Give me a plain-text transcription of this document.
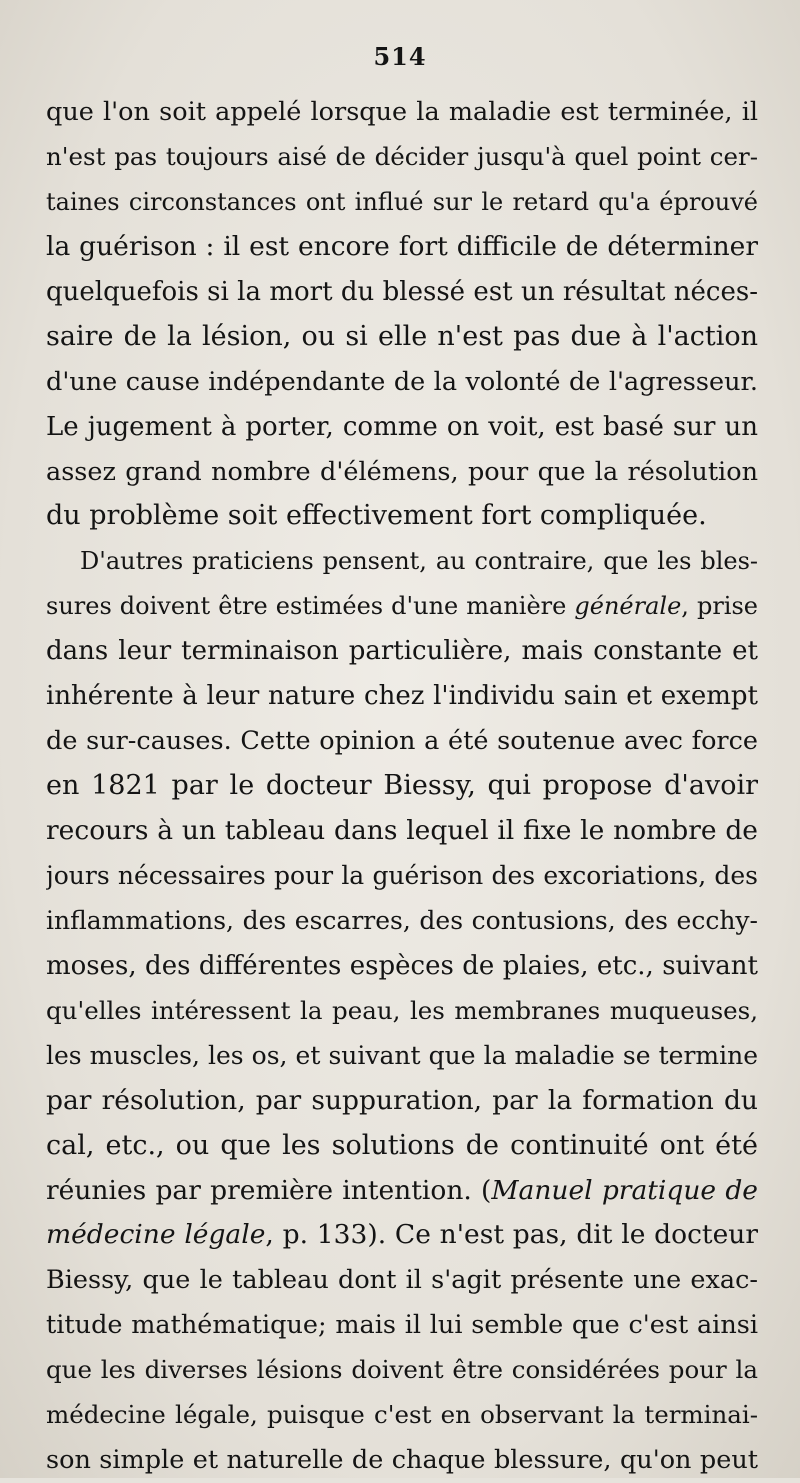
514
que l'on soit appelé lorsque la maladie est terminée, il
n'est pas toujours aisé de décider jusqu'à quel point cer-
taines circonstances ont influé sur le retard qu'a éprouvé
la guérison : il est encore fort difficile de déterminer
quelquefois si la mort du blessé est un résultat néces-
saire de la lésion, ou si elle n'est pas due à l'action
d'une cause indépendante de la volonté de l'agresseur.
Le jugement à porter, comme on voit, est basé sur un
assez grand nombre d'élémens, pour que la résolution
du problème soit effectivement fort compliquée.
D'autres praticiens pensent, au contraire, que les bles-
sures doivent être estimées d'une manière générale, prise
dans leur terminaison particulière, mais constante et
inhérente à leur nature chez l'individu sain et exempt
de sur-causes. Cette opinion a été soutenue avec force
en 1821 par le docteur Biessy, qui propose d'avoir
recours à un tableau dans lequel il fixe le nombre de
jours nécessaires pour la guérison des excoriations, des
inflammations, des escarres, des contusions, des ecchy-
moses, des différentes espèces de plaies, etc., suivant
qu'elles intéressent la peau, les membranes muqueuses,
les muscles, les os, et suivant que la maladie se termine
par résolution, par suppuration, par la formation du
cal, etc., ou que les solutions de continuité ont été
réunies par première intention. (Manuel pratique de
médecine légale, p. 133). Ce n'est pas, dit le docteur
Biessy, que le tableau dont il s'agit présente une exac-
titude mathématique; mais il lui semble que c'est ainsi
que les diverses lésions doivent être considérées pour la
médecine légale, puisque c'est en observant la terminai-
son simple et naturelle de chaque blessure, qu'on peut
